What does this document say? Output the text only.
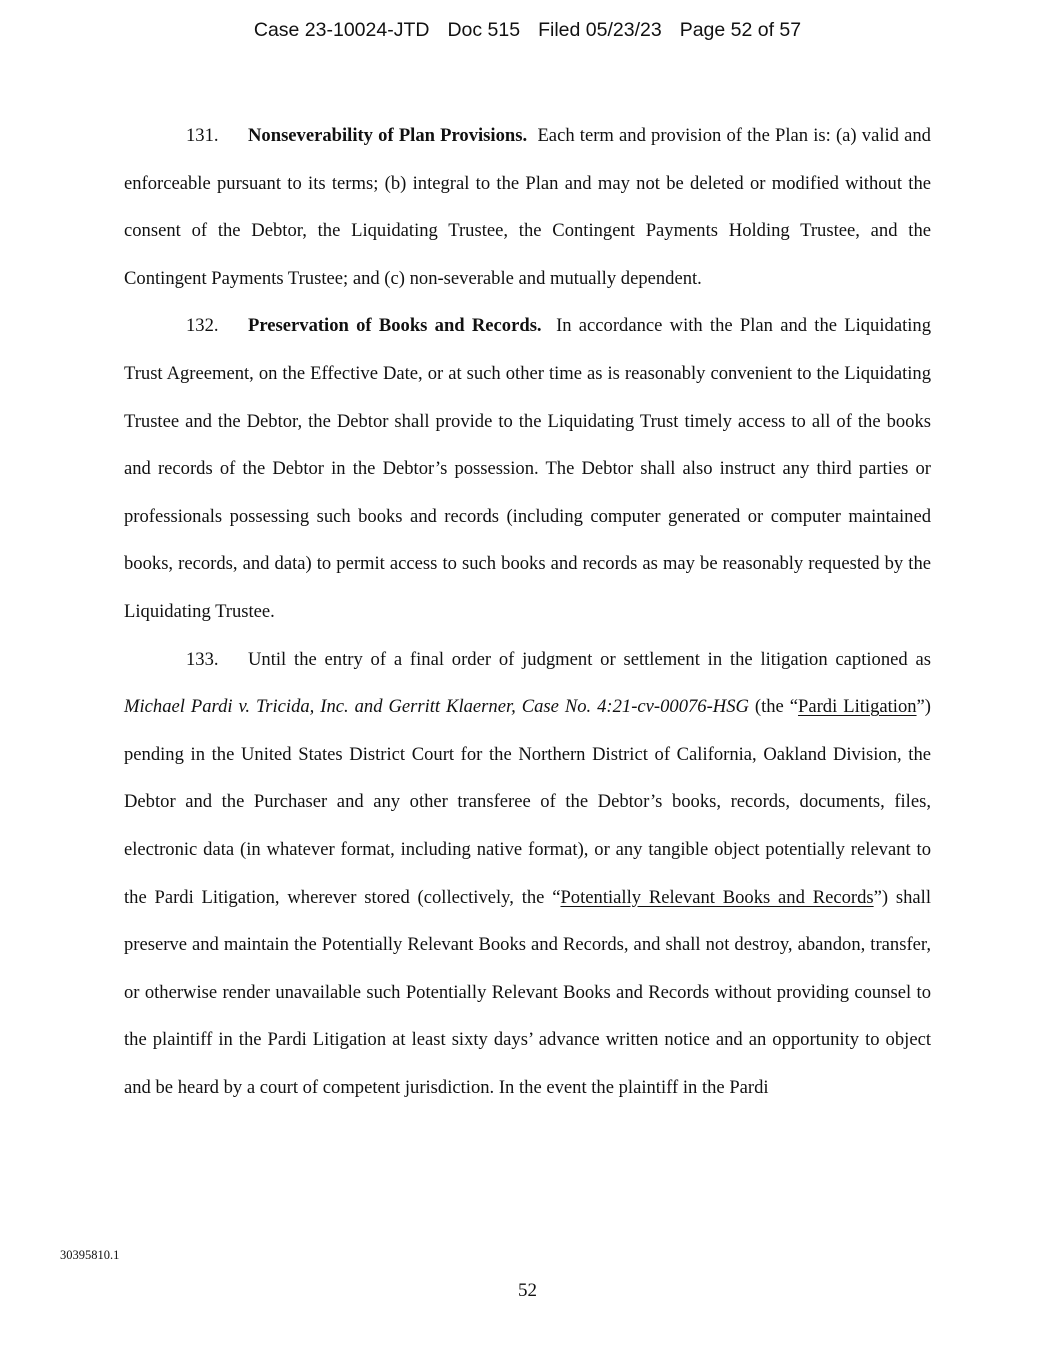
Case 23-10024-JTD Doc 515 Filed 05/23/23 Page 52 of 57

131. Nonseverability of Plan Provisions. Each term and provision of the Plan is: (a) valid and enforceable pursuant to its terms; (b) integral to the Plan and may not be deleted or modified without the consent of the Debtor, the Liquidating Trustee, the Contingent Payments Holding Trustee, and the Contingent Payments Trustee; and (c) non-severable and mutually dependent.

132. Preservation of Books and Records. In accordance with the Plan and the Liquidating Trust Agreement, on the Effective Date, or at such other time as is reasonably convenient to the Liquidating Trustee and the Debtor, the Debtor shall provide to the Liquidating Trust timely access to all of the books and records of the Debtor in the Debtor’s possession. The Debtor shall also instruct any third parties or professionals possessing such books and records (including computer generated or computer maintained books, records, and data) to permit access to such books and records as may be reasonably requested by the Liquidating Trustee.

133. Until the entry of a final order of judgment or settlement in the litigation captioned as Michael Pardi v. Tricida, Inc. and Gerritt Klaerner, Case No. 4:21-cv-00076-HSG (the “Pardi Litigation”) pending in the United States District Court for the Northern District of California, Oakland Division, the Debtor and the Purchaser and any other transferee of the Debtor’s books, records, documents, files, electronic data (in whatever format, including native format), or any tangible object potentially relevant to the Pardi Litigation, wherever stored (collectively, the “Potentially Relevant Books and Records”) shall preserve and maintain the Potentially Relevant Books and Records, and shall not destroy, abandon, transfer, or otherwise render unavailable such Potentially Relevant Books and Records without providing counsel to the plaintiff in the Pardi Litigation at least sixty days’ advance written notice and an opportunity to object and be heard by a court of competent jurisdiction. In the event the plaintiff in the Pardi

30395810.1
52
